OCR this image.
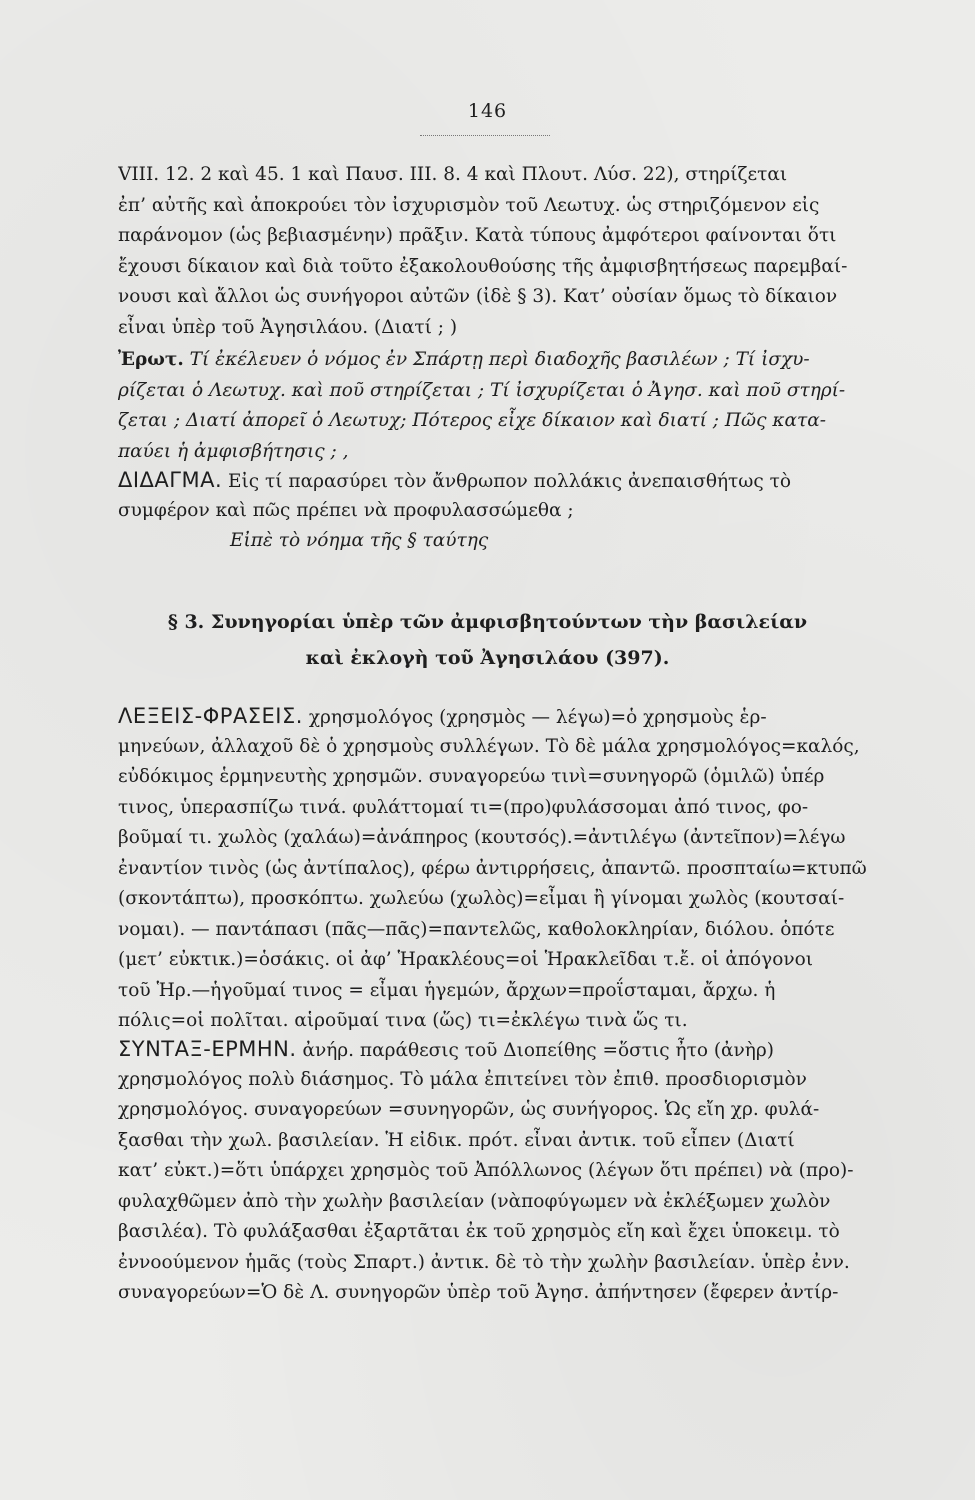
146
VIII. 12. 2 καὶ 45. 1 καὶ Παυσ. ΙΙΙ. 8. 4 καὶ Πλουτ. Λύσ. 22), στηρίζεται
ἐπ’ αὐτῆς καὶ ἀποκρούει τὸν ἰσχυρισμὸν τοῦ Λεωτυχ. ὡς στηριζόμενον εἰς
παράνομον (ὡς βεβιασμένην) πρᾶξιν. Κατὰ τύπους ἀμφότεροι φαίνονται ὅτι
ἔχουσι δίκαιον καὶ διὰ τοῦτο ἐξακολουθούσης τῆς ἀμφισβητήσεως παρεμβαί-
νουσι καὶ ἄλλοι ὡς συνήγοροι αὐτῶν (ἰδὲ § 3). Κατ’ οὐσίαν ὅμως τὸ δίκαιον
εἶναι ὑπὲρ τοῦ Ἀγησιλάου. (Διατί ; )
Ἐρωτ. Τί ἐκέλευεν ὁ νόμος ἐν Σπάρτῃ περὶ διαδοχῆς βασιλέων ; Τί ἰσχυ-
ρίζεται ὁ Λεωτυχ. καὶ ποῦ στηρίζεται ; Τί ἰσχυρίζεται ὁ Ἀγησ. καὶ ποῦ στηρί-
ζεται ; Διατί ἀπορεῖ ὁ Λεωτυχ; Πότερος εἶχε δίκαιον καὶ διατί ; Πῶς κατα-
παύει ἡ ἀμφισβήτησις ; ,
ΔΙΔΑΓΜΑ. Εἰς τί παρασύρει τὸν ἄνθρωπον πολλάκις ἀνεπαισθήτως τὸ
συμφέρον καὶ πῶς πρέπει νὰ προφυλασσώμεθα ;
Εἰπὲ τὸ νόημα τῆς § ταύτης
§ 3. Συνηγορίαι ὑπὲρ τῶν ἀμφισβητούντων τὴν βασιλείαν
καὶ ἐκλογὴ τοῦ Ἀγησιλάου (397).
ΛΕΞΕΙΣ-ΦΡΑΣΕΙΣ. χρησμολόγος (χρησμὸς — λέγω)=ὁ χρησμοὺς ἑρ-
μηνεύων, ἀλλαχοῦ δὲ ὁ χρησμοὺς συλλέγων. Τὸ δὲ μάλα χρησμολόγος=καλός,
εὐδόκιμος ἑρμηνευτὴς χρησμῶν. συναγορεύω τινὶ=συνηγορῶ (ὁμιλῶ) ὑπέρ
τινος, ὑπερασπίζω τινά. φυλάττομαί τι=(προ)φυλάσσομαι ἀπό τινος, φο-
βοῦμαί τι. χωλὸς (χαλάω)=ἀνάπηρος (κουτσός).=ἀντιλέγω (ἀντεῖπον)=λέγω
ἐναντίον τινὸς (ὡς ἀντίπαλος), φέρω ἀντιρρήσεις, ἀπαντῶ. προσπταίω=κτυπῶ
(σκοντάπτω), προσκόπτω. χωλεύω (χωλὸς)=εἶμαι ἢ γίνομαι χωλὸς (κουτσαί-
νομαι). — παντάπασι (πᾶς—πᾶς)=παντελῶς, καθολοκληρίαν, διόλου. ὁπότε
(μετ’ εὐκτικ.)=ὁσάκις. οἱ ἀφ’ Ἡρακλέους=οἱ Ἡρακλεῖδαι τ.ἔ. οἱ ἀπόγονοι
τοῦ Ἡρ.—ἡγοῦμαί τινος = εἶμαι ἡγεμών, ἄρχων=προΐσταμαι, ἄρχω. ἡ
πόλις=οἱ πολῖται. αἱροῦμαί τινα (ὥς) τι=ἐκλέγω τινὰ ὥς τι.
ΣΥΝΤΑΞ-ΕΡΜΗΝ. ἀνήρ. παράθεσις τοῦ Διοπείθης =ὅστις ἦτο (ἀνὴρ)
χρησμολόγος πολὺ διάσημος. Τὸ μάλα ἐπιτείνει τὸν ἐπιθ. προσδιορισμὸν
χρησμολόγος. συναγορεύων =συνηγορῶν, ὡς συνήγορος. Ὡς εἴη χρ. φυλά-
ξασθαι τὴν χωλ. βασιλείαν. Ἡ εἰδικ. πρότ. εἶναι ἀντικ. τοῦ εἶπεν (Διατί
κατ’ εὐκτ.)=ὅτι ὑπάρχει χρησμὸς τοῦ Ἀπόλλωνος (λέγων ὅτι πρέπει) νὰ (προ)-
φυλαχθῶμεν ἀπὸ τὴν χωλὴν βασιλείαν (νὰποφύγωμεν νὰ ἐκλέξωμεν χωλὸν
βασιλέα). Τὸ φυλάξασθαι ἐξαρτᾶται ἐκ τοῦ χρησμὸς εἴη καὶ ἔχει ὑποκειμ. τὸ
ἐννοούμενον ἡμᾶς (τοὺς Σπαρτ.) ἀντικ. δὲ τὸ τὴν χωλὴν βασιλείαν. ὑπὲρ ἐνν.
συναγορεύων=Ὁ δὲ Λ. συνηγορῶν ὑπὲρ τοῦ Ἀγησ. ἀπήντησεν (ἔφερεν ἀντίρ-
